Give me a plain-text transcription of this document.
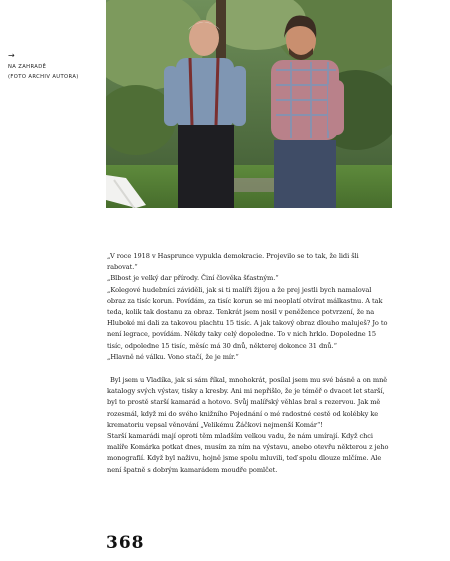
→
NA ZAHRADĚ
(FOTO ARCHIV AUTORA)

„V roce 1918 v Hasprunce vypukla demokracie. Projevilo se to tak, že lidi šli rabovat.“

„Blbost je velký dar přírody. Činí člověka šťastným.“

„Kolegové hudebníci záviděli, jak si ti malíři žijou a že prej jestli bych namaloval obraz za tisíc korun. Povídám, za tisíc korun se mi neoplatí otvírat málkastnu. A tak teda, kolik tak dostanu za obraz. Tenkrát jsem nosil v peněžence potvrzení, že na Hluboké mi dali za takovou plachtu 15 tisíc. A jak takový obraz dlouho maluješ? Jo to není legrace, povídám. Někdy taky celý dopoledne. To v nich hrklo. Dopoledne 15 tisíc, odpoledne 15 tisíc, měsíc má 30 dnů, některej dokonce 31 dnů.“

„Hlavně né válku. Vono stačí, že je mír.“

Byl jsem u Vladíka, jak si sám říkal, mnohokrát, posílal jsem mu své básně a on mně katalogy svých výstav, tisky a kresby. Ani mi nepřišlo, že je téměř o dvacet let starší, byl to prostě starší kamarád a hotovo. Svůj malířský věhlas bral s rezervou. Jak mě rozesmál, když mi do svého knižního Pojednání o mé radostné cestě od kolébky ke krematoriu vepsal věnování „Velikému Žáčkovi nejmenší Komár“!

Starší kamarádi mají oproti těm mladším velkou vadu, že nám umírají. Když chci malíře Komárka potkat dnes, musím za ním na výstavu, anebo otevřu některou z jeho monografií. Když byl naživu, hojně jsme spolu mluvili, teď spolu dlouze mlčíme. Ale není špatně s dobrým kamarádem moudře pomlčet.

368
